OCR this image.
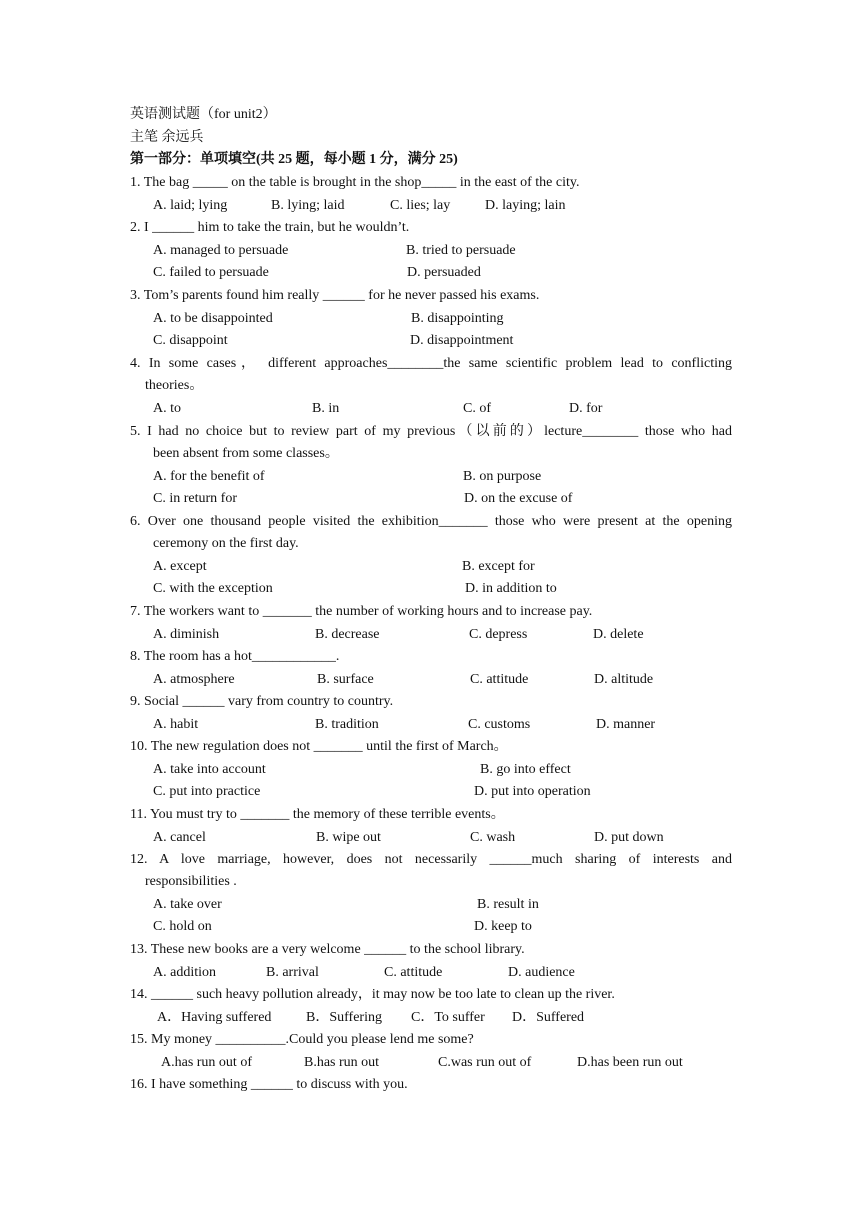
英语测试题（for unit2）
主笔 余远兵
第一部分：单项填空(共 25 题，每小题 1 分，满分 25)
1. The bag _____ on the table is brought in the shop_____ in the east of the city.
A. laid; lying	B. lying; laid	C. lies; lay D. laying; lain
2. I ______ him to take the train, but he wouldn’t.
A. managed to persuade	B. tried to persuade
C. failed to persuade	D. persuaded
3. Tom’s parents found him really ______ for he never passed his exams.
A. to be disappointed	B. disappointing
C. disappoint	D. disappointment
4. In some cases， different approaches________the same scientific problem lead to conflicting
theories。
A. to	B. in	C. of	D. for
5. I had no choice but to review part of my previous（以前的）lecture________ those who had
been absent from some classes。
A. for the benefit of	B. on purpose
C. in return for	D. on the excuse of
6. Over one thousand people visited the exhibition_______ those who were present at the opening
ceremony on the first day.
A. except	B. except for
C. with the exception	D. in addition to
7. The workers want to _______ the number of working hours and to increase pay.
A. diminish	B. decrease	C. depress	D. delete
8. The room has a hot____________.
A. atmosphere	B. surface	C. attitude	D. altitude
9. Social ______ vary from country to country.
A. habit	B. tradition	C. customs	D. manner
10. The new regulation does not _______ until the first of March。
A. take into account	B. go into effect
C. put into practice	D. put into operation
11. You must try to _______ the memory of these terrible events。
A. cancel	B. wipe out	C. wash	D. put down
12. A love marriage, however, does not necessarily ______much sharing of interests and
responsibilities .
A. take over	B. result in
C. hold on	D. keep to
13. These new books are a very welcome ______ to the school library.
A. addition	B. arrival	C. attitude	D. audience
14. ______ such heavy pollution already，it may now be too late to clean up the river.
A．Having suffered B．Suffering C．To suffer D．Suffered
15. My money __________.Could you please lend me some?
A.has run out of	B.has run out	C.was run out of	D.has been run out
16. I have something ______ to discuss with you.
